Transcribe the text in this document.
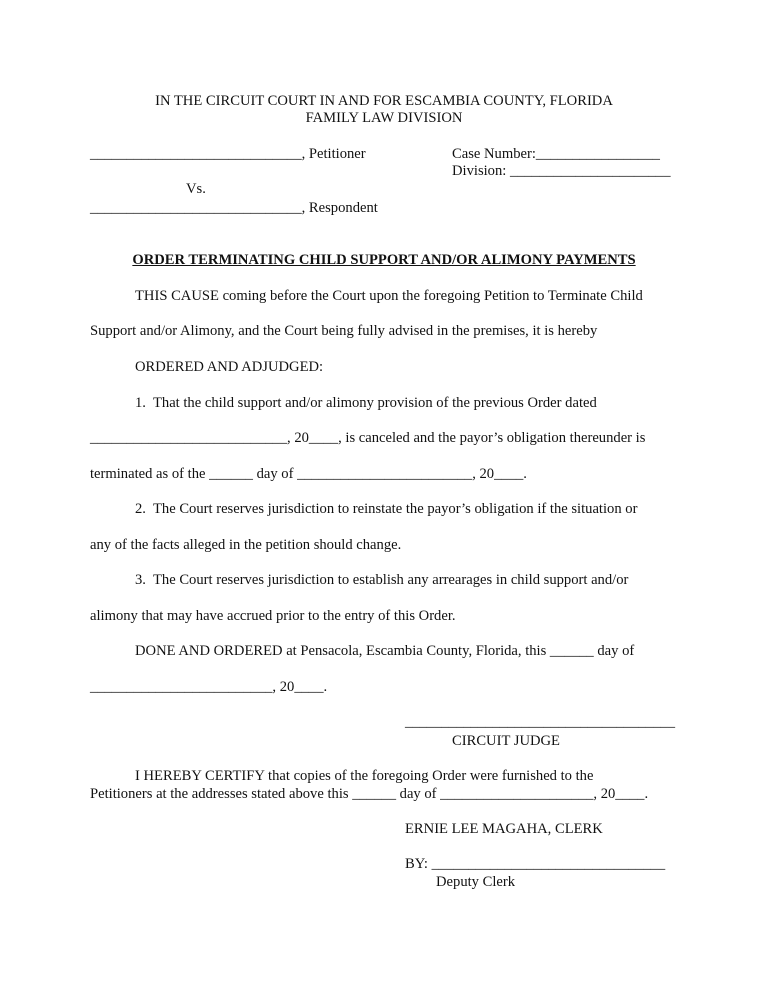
IN THE CIRCUIT COURT IN AND FOR ESCAMBIA COUNTY, FLORIDA
FAMILY LAW DIVISION
_____________________________, Petitioner	Case Number:_________________
Division: ______________________
Vs.
_____________________________, Respondent
ORDER TERMINATING CHILD SUPPORT AND/OR ALIMONY PAYMENTS
THIS CAUSE coming before the Court upon the foregoing Petition to Terminate Child
Support and/or Alimony, and the Court being fully advised in the premises, it is hereby
ORDERED AND ADJUDGED:
1.  That the child support and/or alimony provision of the previous Order dated
___________________________, 20____, is canceled and the payor’s obligation thereunder is
terminated as of the ______ day of ________________________, 20____.
2.  The Court reserves jurisdiction to reinstate the payor’s obligation if the situation or
any of the facts alleged in the petition should change.
3.  The Court reserves jurisdiction to establish any arrearages in child support and/or
alimony that may have accrued prior to the entry of this Order.
DONE AND ORDERED at Pensacola, Escambia County, Florida, this ______ day of
_________________________, 20____.
_____________________________________
CIRCUIT JUDGE
I HEREBY CERTIFY that copies of the foregoing Order were furnished to the
Petitioners at the addresses stated above this ______ day of _____________________, 20____.
ERNIE LEE MAGAHA, CLERK
BY: ________________________________
Deputy Clerk
